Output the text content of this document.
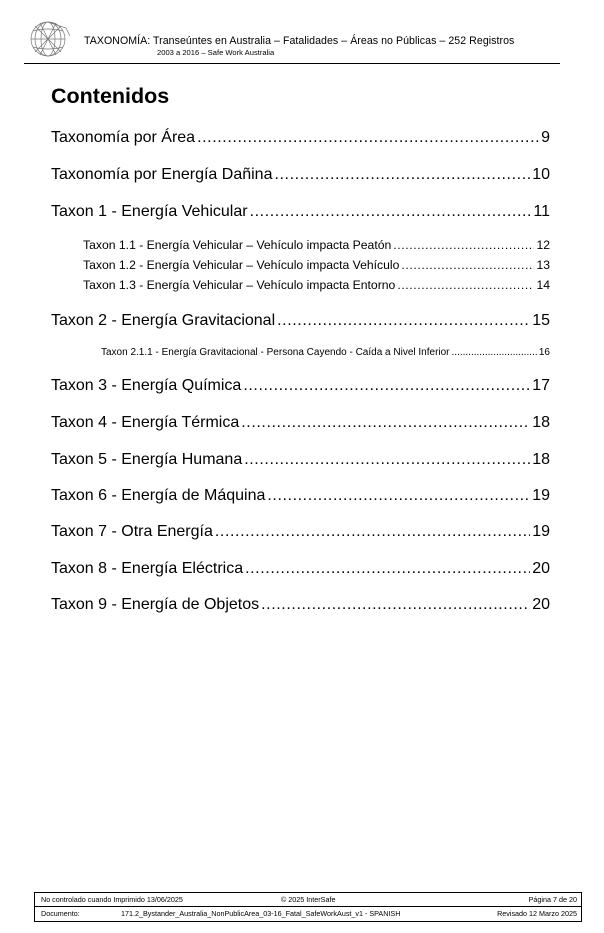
TAXONOMÍA: Transeúntes en Australia – Fatalidades – Áreas no Públicas – 252 Registros
2003 a 2016 – Safe Work Australia
Contenidos
Taxonomía por Área .....	9
Taxonomía por Energía Dañina .....	10
Taxon 1 - Energía Vehicular .....	11
Taxon 1.1 - Energía Vehicular – Vehículo impacta Peatón .....	12
Taxon 1.2 - Energía Vehicular – Vehículo impacta Vehículo .....	13
Taxon 1.3 - Energía Vehicular – Vehículo impacta Entorno .....	14
Taxon 2 - Energía Gravitacional .....	15
Taxon 2.1.1 - Energía Gravitacional - Persona Cayendo - Caída a Nivel Inferior .....	16
Taxon 3 - Energía Química .....	17
Taxon 4 - Energía Térmica .....	18
Taxon 5 - Energía Humana .....	18
Taxon 6 - Energía de Máquina .....	19
Taxon 7 - Otra Energía .....	19
Taxon 8 - Energía Eléctrica .....	20
Taxon 9 - Energía de Objetos .....	20
No controlado cuando Imprimido 13/06/2025	© 2025 InterSafe	Página 7 de 20
Documento:	171.2_Bystander_Australia_NonPublicArea_03-16_Fatal_SafeWorkAust_v1 - SPANISH	Revisado 12 Marzo 2025
